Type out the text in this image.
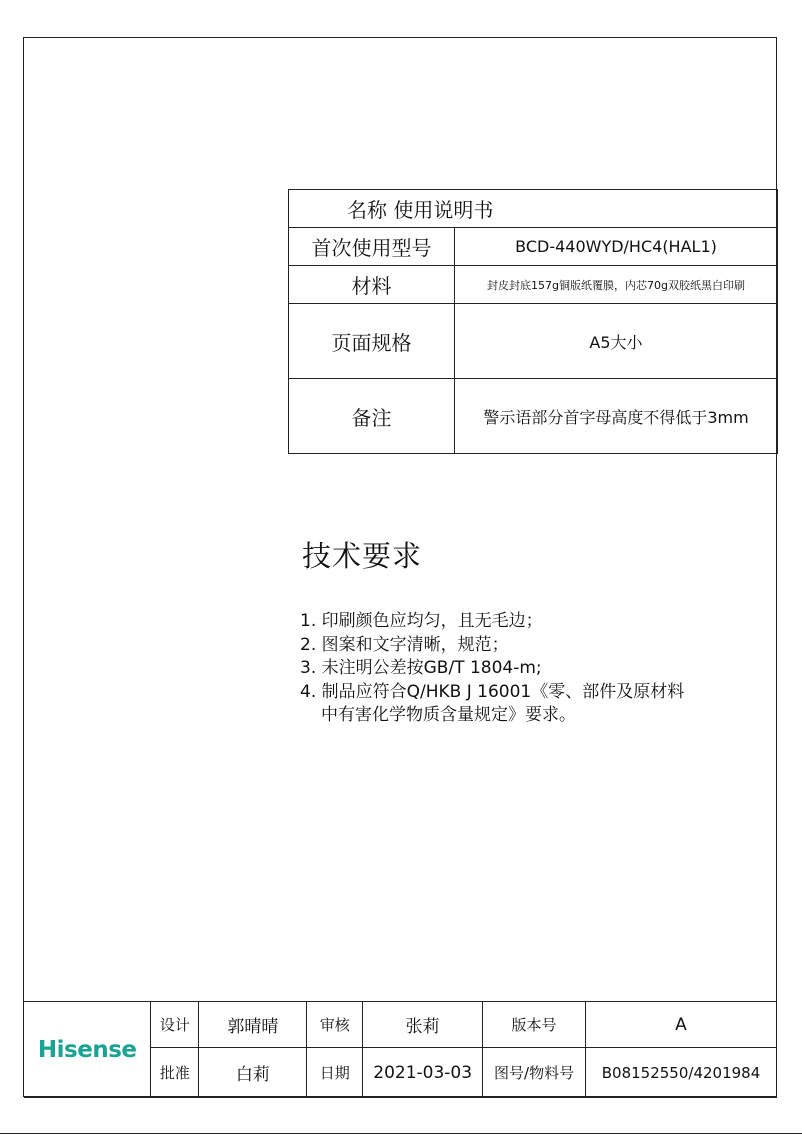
名称 使用说明书	
首次使用型号	BCD-440WYD/HC4(HAL1)
材料	封皮封底157g铜版纸覆膜，内芯70g双胶纸黑白印刷
页面规格	A5大小
备注	警示语部分首字母高度不得低于3mm
技术要求
1. 印刷颜色应均匀，且无毛边；
2. 图案和文字清晰，规范；
3. 未注明公差按GB/T 1804-m;
4. 制品应符合Q/HKB J 16001《零、部件及原材料
中有害化学物质含量规定》要求。
Hisense	设计	郭晴晴	审核	张莉	版本号	A
	批准	白莉	日期	2021-03-03	图号/物料号	B08152550/4201984
